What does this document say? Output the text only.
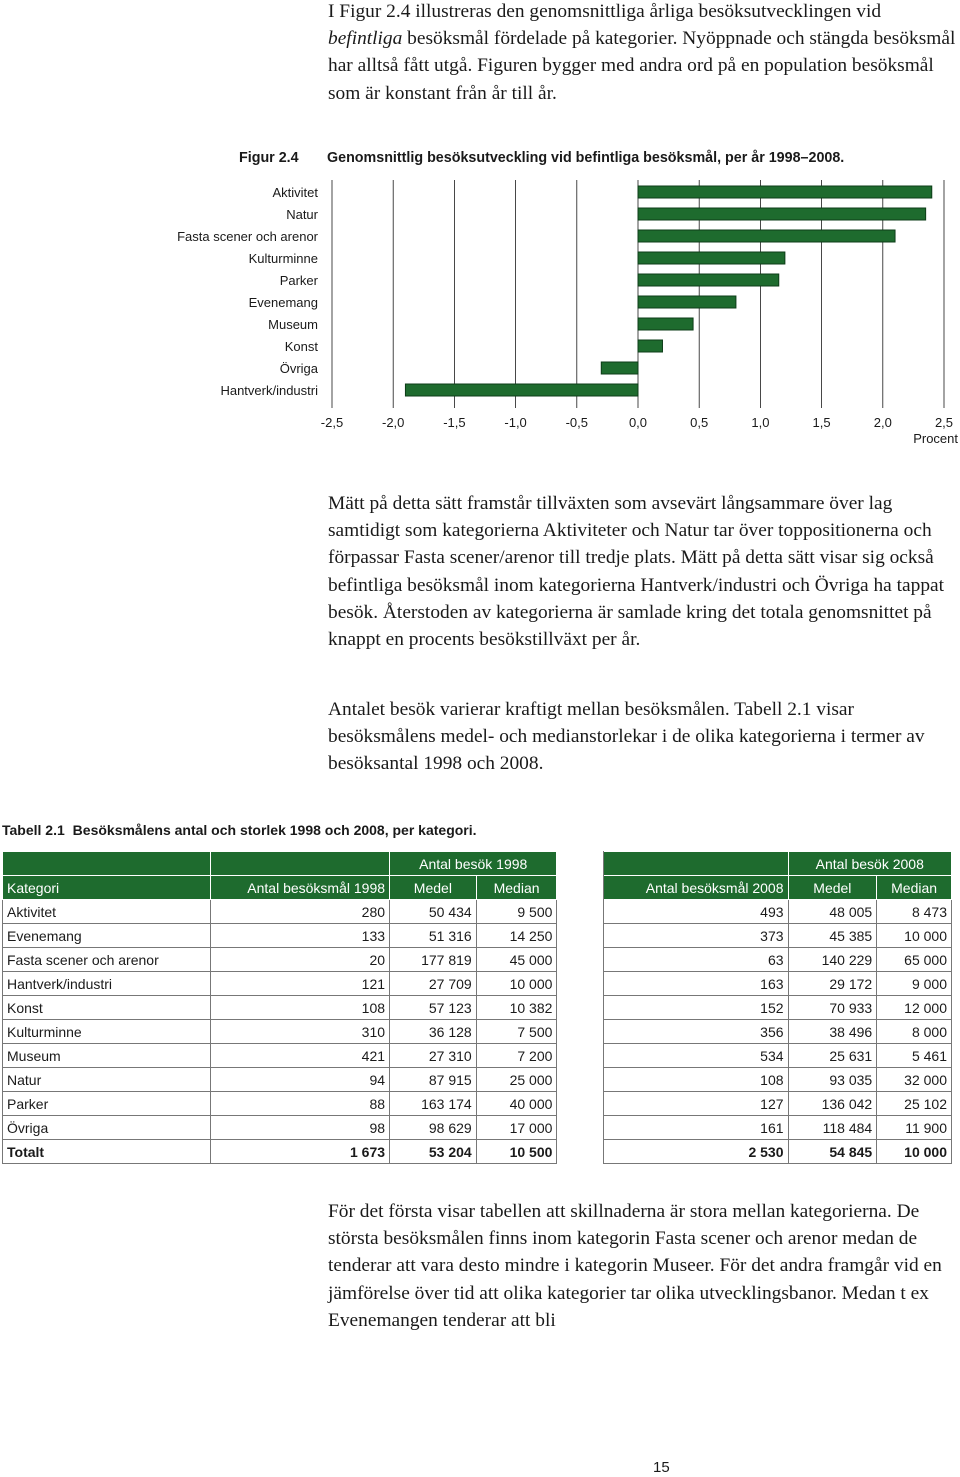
I Figur 2.4 illustreras den genomsnittliga årliga besöksutvecklingen vid befintliga besöksmål fördelade på kategorier. Nyöppnade och stängda besöksmål har alltså fått utgå. Figuren bygger med andra ord på en population besöksmål som är konstant från år till år.

Figur 2.4 Genomsnittlig besöksutveckling vid befintliga besöksmål, per år 1998–2008.
Aktivitet
Natur
Fasta scener och arenor
Kulturminne
Parker
Evenemang
Museum
Konst
Övriga
Hantverk/industri
-2,5	-2,0	-1,5	-1,0	-0,5	0,0	0,5	1,0	1,5	2,0	2,5
Procent

Mätt på detta sätt framstår tillväxten som avsevärt långsammare över lag samtidigt som kategorierna Aktiviteter och Natur tar över toppositionerna och förpassar Fasta scener/arenor till tredje plats. Mätt på detta sätt visar sig också befintliga besöksmål inom kategorierna Hantverk/industri och Övriga ha tappat besök. Återstoden av kategorierna är samlade kring det totala genomsnittet på knappt en procents besökstillväxt per år.

Antalet besök varierar kraftigt mellan besöksmålen. Tabell 2.1 visar besöksmålens medel- och medianstorlekar i de olika kategorierna i termer av besöksantal 1998 och 2008.

Tabell 2.1 Besöksmålens antal och storlek 1998 och 2008, per kategori.
		Antal besök 1998				Antal besök 2008	
Kategori	Antal besöksmål 1998	Medel	Median		Antal besöksmål 2008	Medel	Median
Aktivitet	280	50 434	9 500		493	48 005	8 473
Evenemang	133	51 316	14 250		373	45 385	10 000
Fasta scener och arenor	20	177 819	45 000		63	140 229	65 000
Hantverk/industri	121	27 709	10 000		163	29 172	9 000
Konst	108	57 123	10 382		152	70 933	12 000
Kulturminne	310	36 128	7 500		356	38 496	8 000
Museum	421	27 310	7 200		534	25 631	5 461
Natur	94	87 915	25 000		108	93 035	32 000
Parker	88	163 174	40 000		127	136 042	25 102
Övriga	98	98 629	17 000		161	118 484	11 900
Totalt	1 673	53 204	10 500		2 530	54 845	10 000

För det första visar tabellen att skillnaderna är stora mellan kategorierna. De största besöksmålen finns inom kategorin Fasta scener och arenor medan de tenderar att vara desto mindre i kategorin Museer. För det andra framgår vid en jämförelse över tid att olika kategorier tar olika utvecklingsbanor. Medan t ex Evenemangen tenderar att bli

15
